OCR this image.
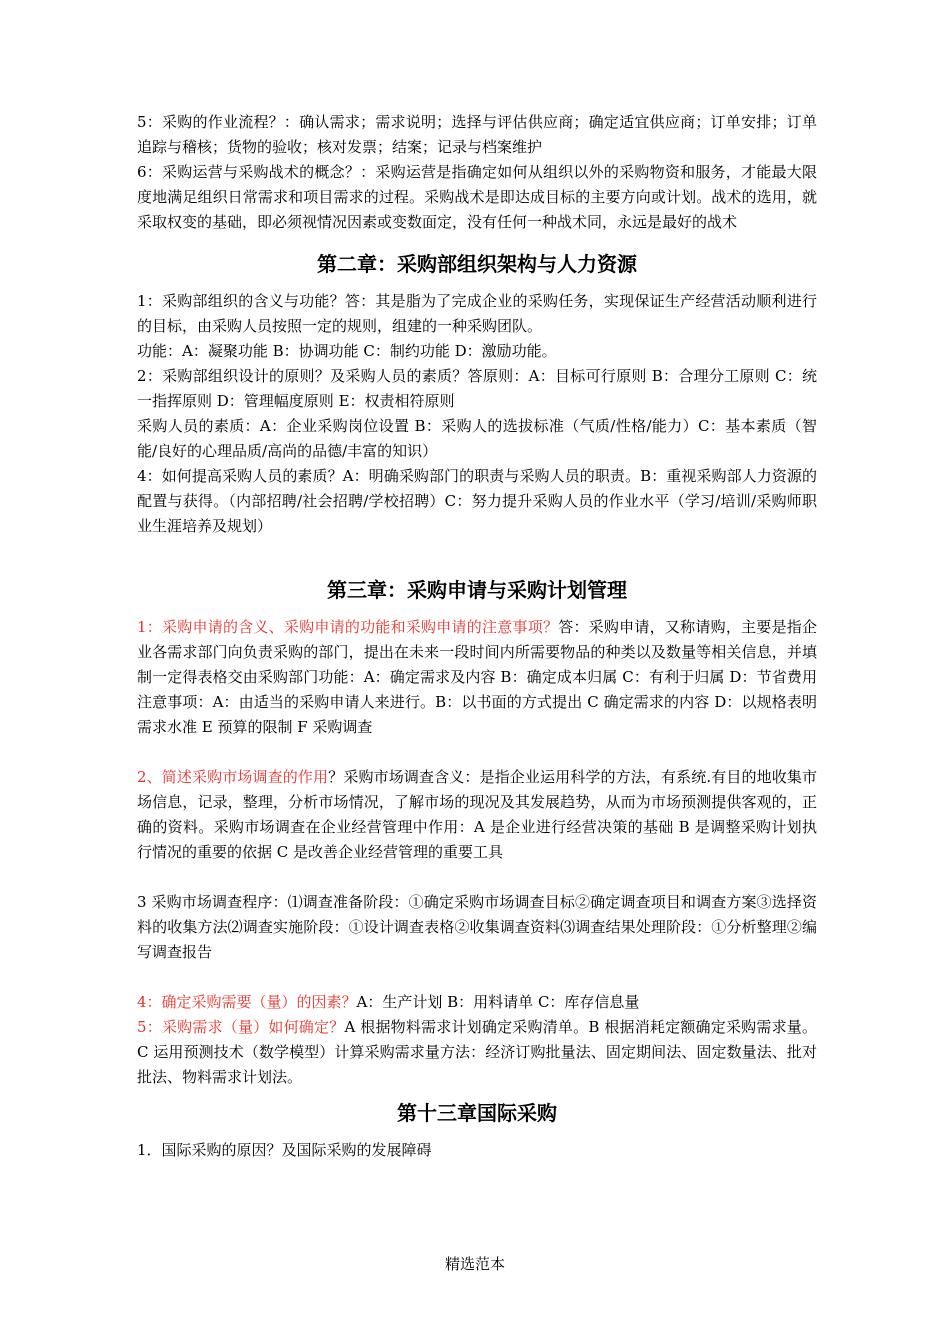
5：采购的作业流程？：确认需求；需求说明；选择与评估供应商；确定适宜供应商；订单安排；订单追踪与稽核；货物的验收；核对发票；结案；记录与档案维护

6：采购运营与采购战术的概念？：采购运营是指确定如何从组织以外的采购物资和服务，才能最大限度地满足组织日常需求和项目需求的过程。采购战术是即达成目标的主要方向或计划。战术的选用，就采取权变的基础，即必须视情况因素或变数面定，没有任何一种战术同，永远是最好的战术

第二章：采购部组织架构与人力资源

1：采购部组织的含义与功能？答：其是脂为了完成企业的采购任务，实现保证生产经营活动顺利进行的目标，由采购人员按照一定的规则，组建的一种采购团队。

功能：A：凝聚功能 B：协调功能 C：制约功能 D：激励功能。

2：采购部组织设计的原则？及采购人员的素质？答原则：A：目标可行原则 B：合理分工原则 C：统一指挥原则 D：管理幅度原则 E：权责相符原则

采购人员的素质：A：企业采购岗位设置 B：采购人的选拔标准（气质/性格/能力）C：基本素质（智能/良好的心理品质/高尚的品德/丰富的知识）

4：如何提高采购人员的素质？A：明确采购部门的职责与采购人员的职责。B：重视采购部人力资源的配置与获得。（内部招聘/社会招聘/学校招聘）C：努力提升采购人员的作业水平（学习/培训/采购师职业生涯培养及规划）

第三章：采购申请与采购计划管理

1：采购申请的含义、采购申请的功能和采购申请的注意事项？答：采购申请，又称请购，主要是指企业各需求部门向负责采购的部门，提出在未来一段时间内所需要物品的种类以及数量等相关信息，并填制一定得表格交由采购部门功能：A：确定需求及内容 B：确定成本归属 C：有利于归属 D：节省费用注意事项：A：由适当的采购申请人来进行。B：以书面的方式提出 C 确定需求的内容 D：以规格表明需求水准 E 预算的限制 F 采购调查

2、简述采购市场调查的作用？采购市场调查含义：是指企业运用科学的方法，有系统.有目的地收集市场信息，记录，整理，分析市场情况，了解市场的现况及其发展趋势，从而为市场预测提供客观的，正确的资料。采购市场调查在企业经营管理中作用：A 是企业进行经营决策的基础 B 是调整采购计划执行情况的重要的依据 C 是改善企业经营管理的重要工具

3 采购市场调查程序：⑴调查准备阶段：①确定采购市场调查目标②确定调查项目和调查方案③选择资料的收集方法⑵调查实施阶段：①设计调查表格②收集调查资料⑶调查结果处理阶段：①分析整理②编写调查报告

4：确定采购需要（量）的因素？A：生产计划 B：用料请单 C：库存信息量

5：采购需求（量）如何确定？A 根据物料需求计划确定采购清单。B 根据消耗定额确定采购需求量。C 运用预测技术（数学模型）计算采购需求量方法：经济订购批量法、固定期间法、固定数量法、批对批法、物料需求计划法。

第十三章国际采购

1．国际采购的原因？及国际采购的发展障碍

精选范本
